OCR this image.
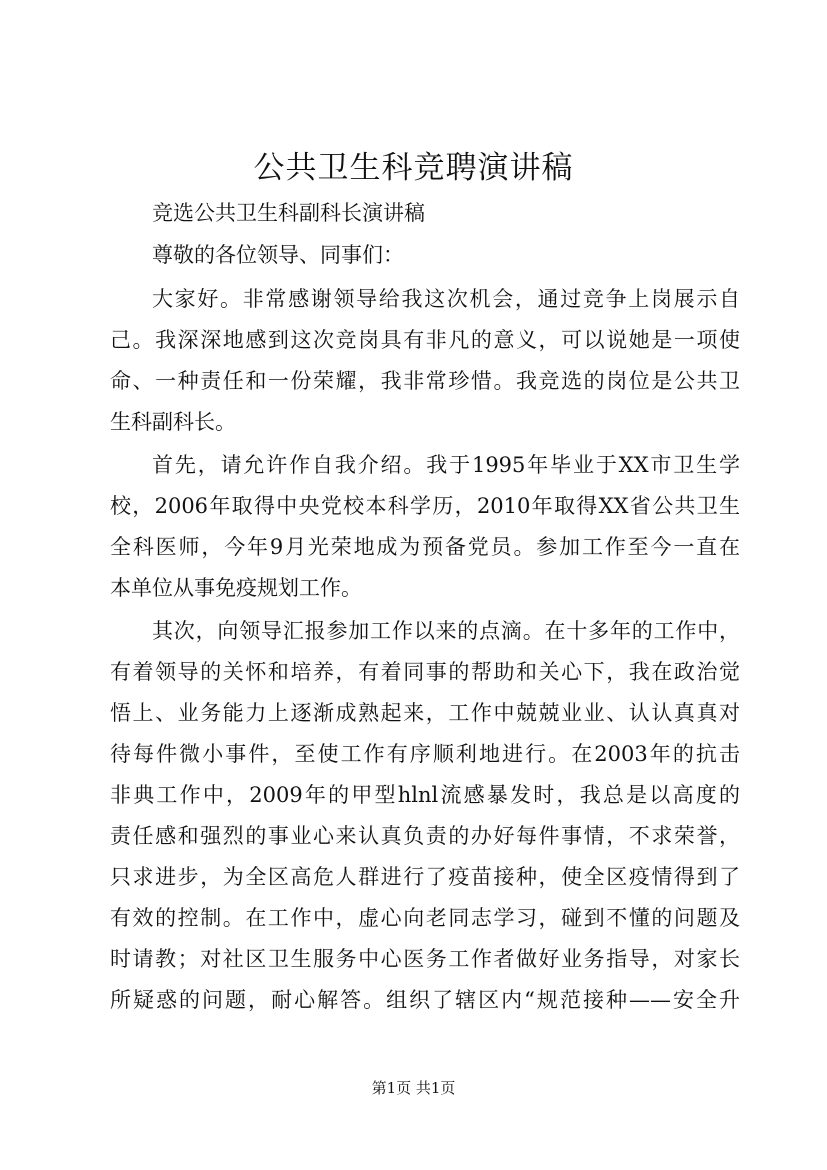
公共卫生科竞聘演讲稿

竞选公共卫生科副科长演讲稿

尊敬的各位领导、同事们：

大家好。非常感谢领导给我这次机会，通过竞争上岗展示自

己。我深深地感到这次竞岗具有非凡的意义，可以说她是一项使

命、一种责任和一份荣耀，我非常珍惜。我竞选的岗位是公共卫

生科副科长。

首先，请允许作自我介绍。我于1995年毕业于XX市卫生学

校，2006年取得中央党校本科学历，2010年取得XX省公共卫生

全科医师，今年9月光荣地成为预备党员。参加工作至今一直在

本单位从事免疫规划工作。

其次，向领导汇报参加工作以来的点滴。在十多年的工作中，

有着领导的关怀和培养，有着同事的帮助和关心下，我在政治觉

悟上、业务能力上逐渐成熟起来，工作中兢兢业业、认认真真对

待每件微小事件，至使工作有序顺利地进行。在2003年的抗击

非典工作中，2009年的甲型hlnl流感暴发时，我总是以高度的

责任感和强烈的事业心来认真负责的办好每件事情，不求荣誉，

只求进步，为全区高危人群进行了疫苗接种，使全区疫情得到了

有效的控制。在工作中，虚心向老同志学习，碰到不懂的问题及

时请教；对社区卫生服务中心医务工作者做好业务指导，对家长

所疑惑的问题，耐心解答。组织了辖区内“规范接种——安全升

第1页 共1页
